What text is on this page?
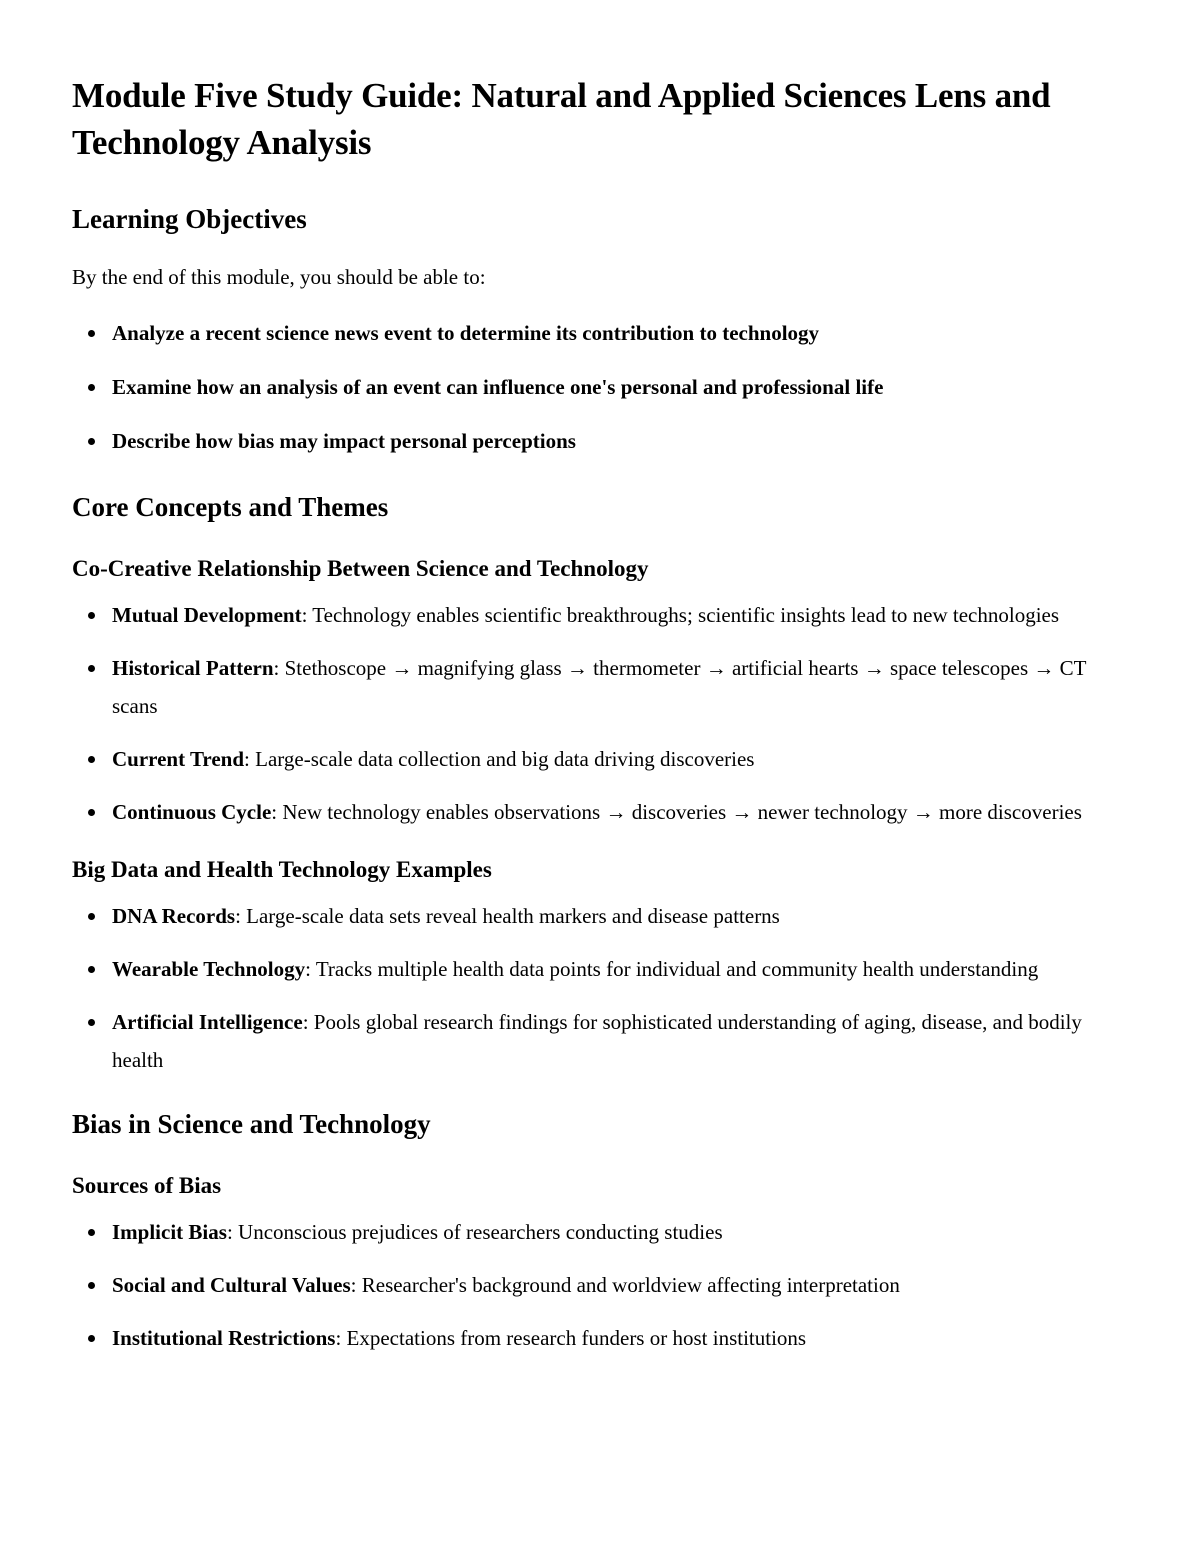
Module Five Study Guide: Natural and Applied Sciences Lens and Technology Analysis
Learning Objectives

By the end of this module, you should be able to:

Analyze a recent science news event to determine its contribution to technology
Examine how an analysis of an event can influence one's personal and professional life
Describe how bias may impact personal perceptions
Core Concepts and Themes
Co-Creative Relationship Between Science and Technology
Mutual Development: Technology enables scientific breakthroughs; scientific insights lead to new technologies
Historical Pattern: Stethoscope → magnifying glass → thermometer → artificial hearts → space telescopes → CT scans
Current Trend: Large-scale data collection and big data driving discoveries
Continuous Cycle: New technology enables observations → discoveries → newer technology → more discoveries
Big Data and Health Technology Examples
DNA Records: Large-scale data sets reveal health markers and disease patterns
Wearable Technology: Tracks multiple health data points for individual and community health understanding
Artificial Intelligence: Pools global research findings for sophisticated understanding of aging, disease, and bodily health
Bias in Science and Technology
Sources of Bias
Implicit Bias: Unconscious prejudices of researchers conducting studies
Social and Cultural Values: Researcher's background and worldview affecting interpretation
Institutional Restrictions: Expectations from research funders or host institutions
